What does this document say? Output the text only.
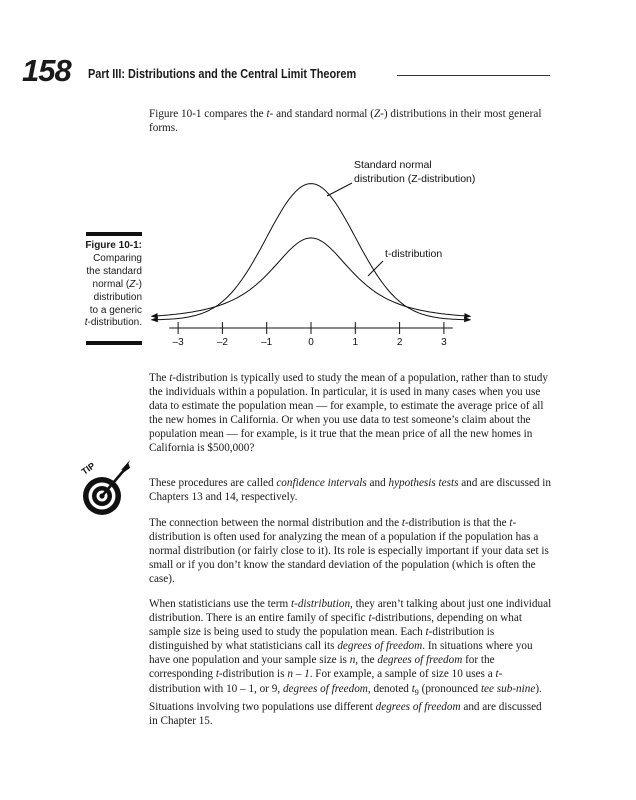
158 Part III: Distributions and the Central Limit Theorem

Figure 10-1 compares the t- and standard normal (Z-) distributions in their most general forms.

Figure 10-1:
Comparing
the standard
normal (Z-)
distribution
to a generic
t-distribution.
–3	–2	–1	0	1	2	3
Standard normal
distribution (Z-distribution)
t-distribution

The t-distribution is typically used to study the mean of a population, rather than to study the individuals within a population. In particular, it is used in many cases when you use data to estimate the population mean — for example, to estimate the average price of all the new homes in California. Or when you use data to test someone’s claim about the population mean — for example, is it true that the mean price of all the new homes in California is $500,000?

TIP

These procedures are called confidence intervals and hypothesis tests and are discussed in Chapters 13 and 14, respectively.

The connection between the normal distribution and the t-distribution is that the t-distribution is often used for analyzing the mean of a population if the population has a normal distribution (or fairly close to it). Its role is especially important if your data set is small or if you don’t know the standard deviation of the population (which is often the case).

When statisticians use the term t-distribution, they aren’t talking about just one individual distribution. There is an entire family of specific t-distributions, depending on what sample size is being used to study the population mean. Each t-distribution is distinguished by what statisticians call its degrees of freedom. In situations where you have one population and your sample size is n, the degrees of freedom for the corresponding t-distribution is n – 1. For example, a sample of size 10 uses a t-distribution with 10 – 1, or 9, degrees of freedom, denoted $t_9$ (pronounced tee sub-nine). Situations involving two populations use different degrees of freedom and are discussed in Chapter 15.
